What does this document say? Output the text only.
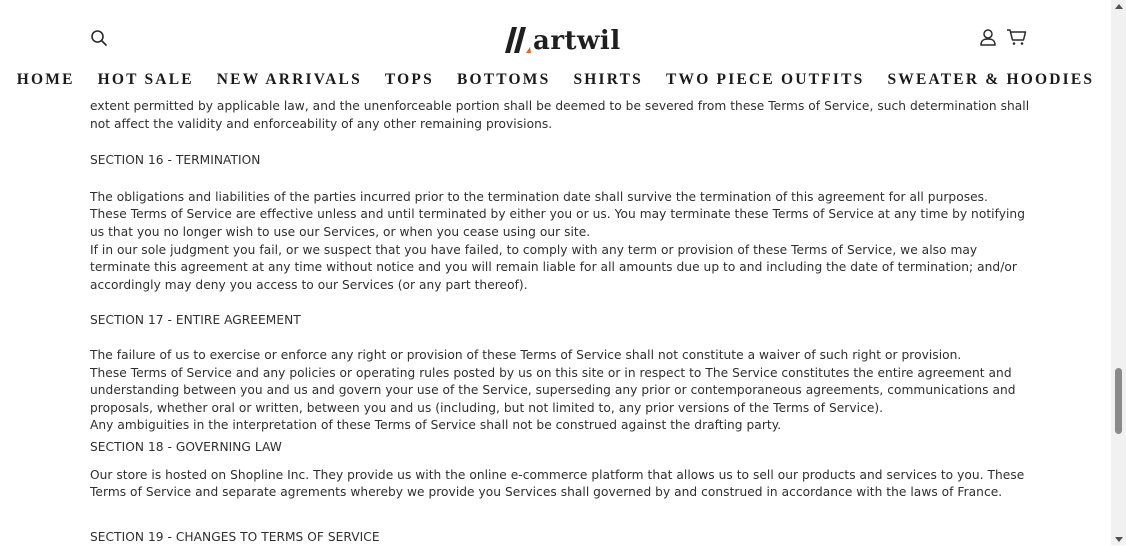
extent permitted by applicable law, and the unenforceable portion shall be deemed to be severed from these Terms of Service, such determination shall not affect the validity and enforceability of any other remaining provisions.

SECTION 16 - TERMINATION

The obligations and liabilities of the parties incurred prior to the termination date shall survive the termination of this agreement for all purposes.

These Terms of Service are effective unless and until terminated by either you or us. You may terminate these Terms of Service at any time by notifying us that you no longer wish to use our Services, or when you cease using our site.

If in our sole judgment you fail, or we suspect that you have failed, to comply with any term or provision of these Terms of Service, we also may terminate this agreement at any time without notice and you will remain liable for all amounts due up to and including the date of termination; and/or accordingly may deny you access to our Services (or any part thereof).

SECTION 17 - ENTIRE AGREEMENT

The failure of us to exercise or enforce any right or provision of these Terms of Service shall not constitute a waiver of such right or provision.

These Terms of Service and any policies or operating rules posted by us on this site or in respect to The Service constitutes the entire agreement and understanding between you and us and govern your use of the Service, superseding any prior or contemporaneous agreements, communications and proposals, whether oral or written, between you and us (including, but not limited to, any prior versions of the Terms of Service).

Any ambiguities in the interpretation of these Terms of Service shall not be construed against the drafting party.

SECTION 18 - GOVERNING LAW

Our store is hosted on Shopline Inc. They provide us with the online e-commerce platform that allows us to sell our products and services to you. These Terms of Service and separate agrements whereby we provide you Services shall governed by and construed in accordance with the laws of France.

SECTION 19 - CHANGES TO TERMS OF SERVICE

artwil
HOME	HOT SALE	NEW ARRIVALS	TOPS	BOTTOMS	SHIRTS	TWO PIECE OUTFITS	SWEATER & HOODIES
